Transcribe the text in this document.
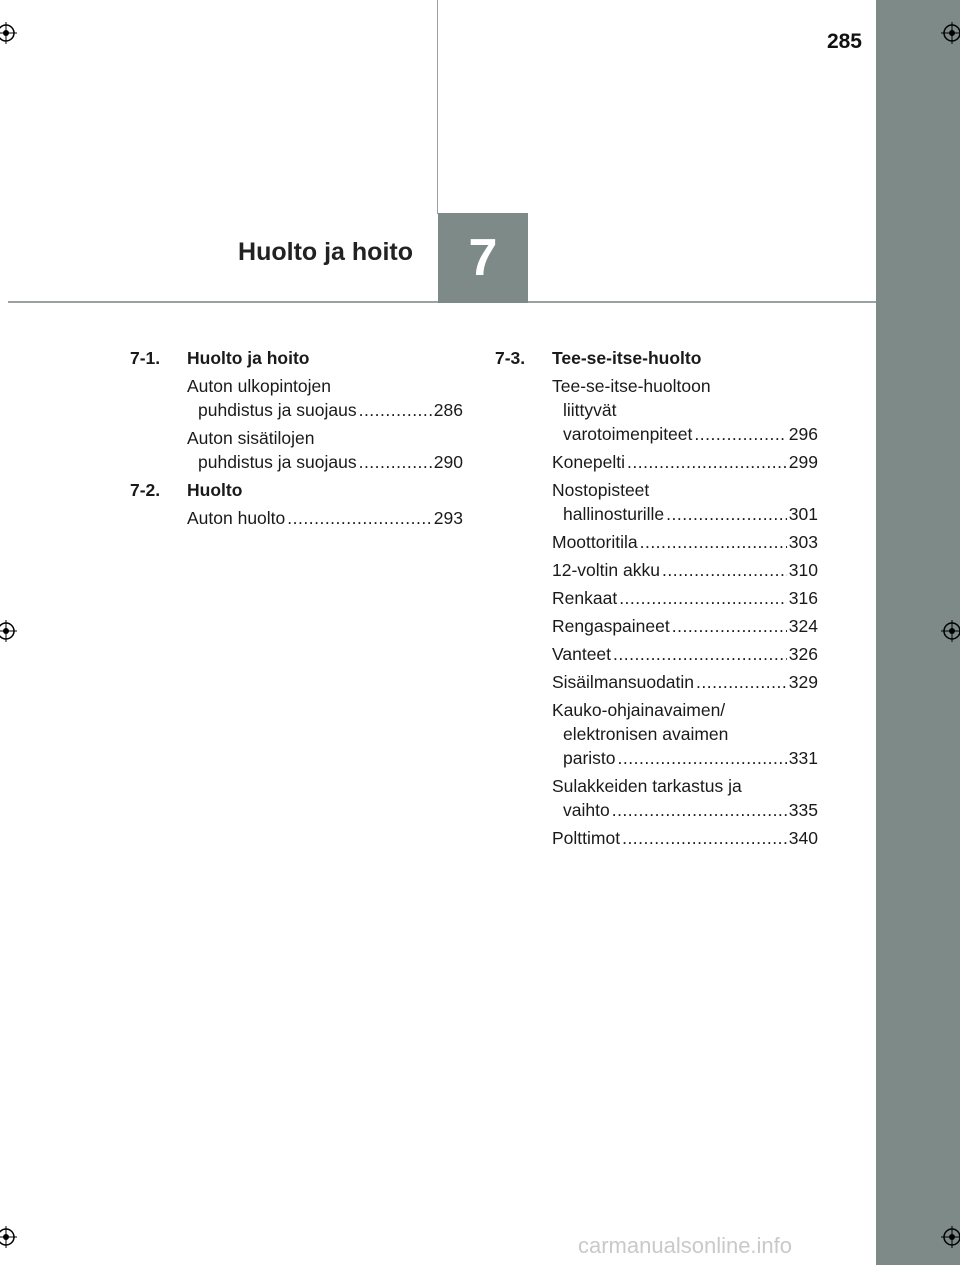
285
Huolto ja hoito 7
7-1.	Huolto ja hoito
Auton ulkopintojen
puhdistus ja suojaus .....	286
Auton sisätilojen
puhdistus ja suojaus .....	290
7-2.	Huolto
Auton huolto .....	293
7-3.	Tee-se-itse-huolto
Tee-se-itse-huoltoon
liittyvät
varotoimenpiteet .....	296
Konepelti .....	299
Nostopisteet
hallinosturille .....	301
Moottoritila .....	303
12-voltin akku .....	310
Renkaat .....	316
Rengaspaineet .....	324
Vanteet .....	326
Sisäilmansuodatin .....	329
Kauko-ohjainavaimen/
elektronisen avaimen
paristo .....	331
Sulakkeiden tarkastus ja
vaihto .....	335
Polttimot .....	340
carmanualsonline.info
